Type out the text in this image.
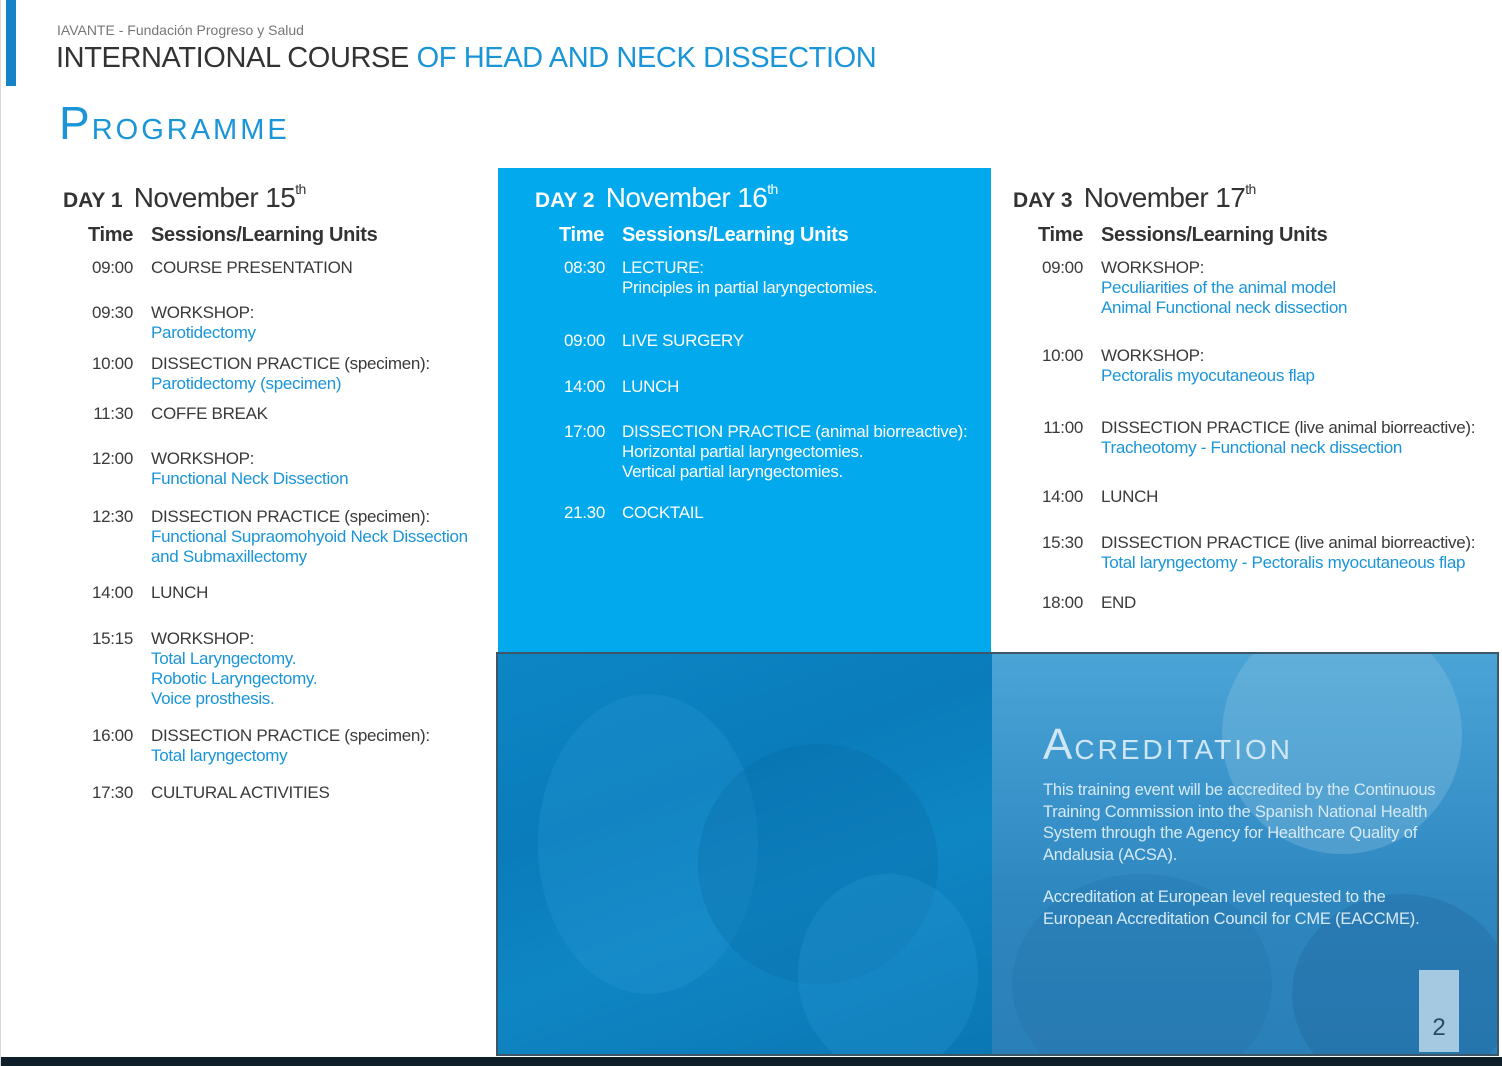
IAVANTE - Fundación Progreso y Salud
INTERNATIONAL COURSE OF HEAD AND NECK DISSECTION
PROGRAMME
DAY 1 November 15th
Time Sessions/Learning Units
09:00 COURSE PRESENTATION
09:30 WORKSHOP:
Parotidectomy
10:00 DISSECTION PRACTICE (specimen):
Parotidectomy (specimen)
11:30 COFFE BREAK
12:00 WORKSHOP:
Functional Neck Dissection
12:30 DISSECTION PRACTICE (specimen):
Functional Supraomohyoid Neck Dissection
and Submaxillectomy
14:00 LUNCH
15:15 WORKSHOP:
Total Laryngectomy.
Robotic Laryngectomy.
Voice prosthesis.
16:00 DISSECTION PRACTICE (specimen):
Total laryngectomy
17:30 CULTURAL ACTIVITIES
DAY 2 November 16th
Time Sessions/Learning Units
08:30 LECTURE:
Principles in partial laryngectomies.
09:00 LIVE SURGERY
14:00 LUNCH
17:00 DISSECTION PRACTICE (animal biorreactive):
Horizontal partial laryngectomies.
Vertical partial laryngectomies.
21.30 COCKTAIL
DAY 3 November 17th
Time Sessions/Learning Units
09:00 WORKSHOP:
Peculiarities of the animal model
Animal Functional neck dissection
10:00 WORKSHOP:
Pectoralis myocutaneous flap
11:00 DISSECTION PRACTICE (live animal biorreactive):
Tracheotomy - Functional neck dissection
14:00 LUNCH
15:30 DISSECTION PRACTICE (live animal biorreactive):
Total laryngectomy - Pectoralis myocutaneous flap
18:00 END
ACREDITATION

This training event will be accredited by the Continuous Training Commission into the Spanish National Health System through the Agency for Healthcare Quality of Andalusia (ACSA).

Accreditation at European level requested to the European Accreditation Council for CME (EACCME).

2
